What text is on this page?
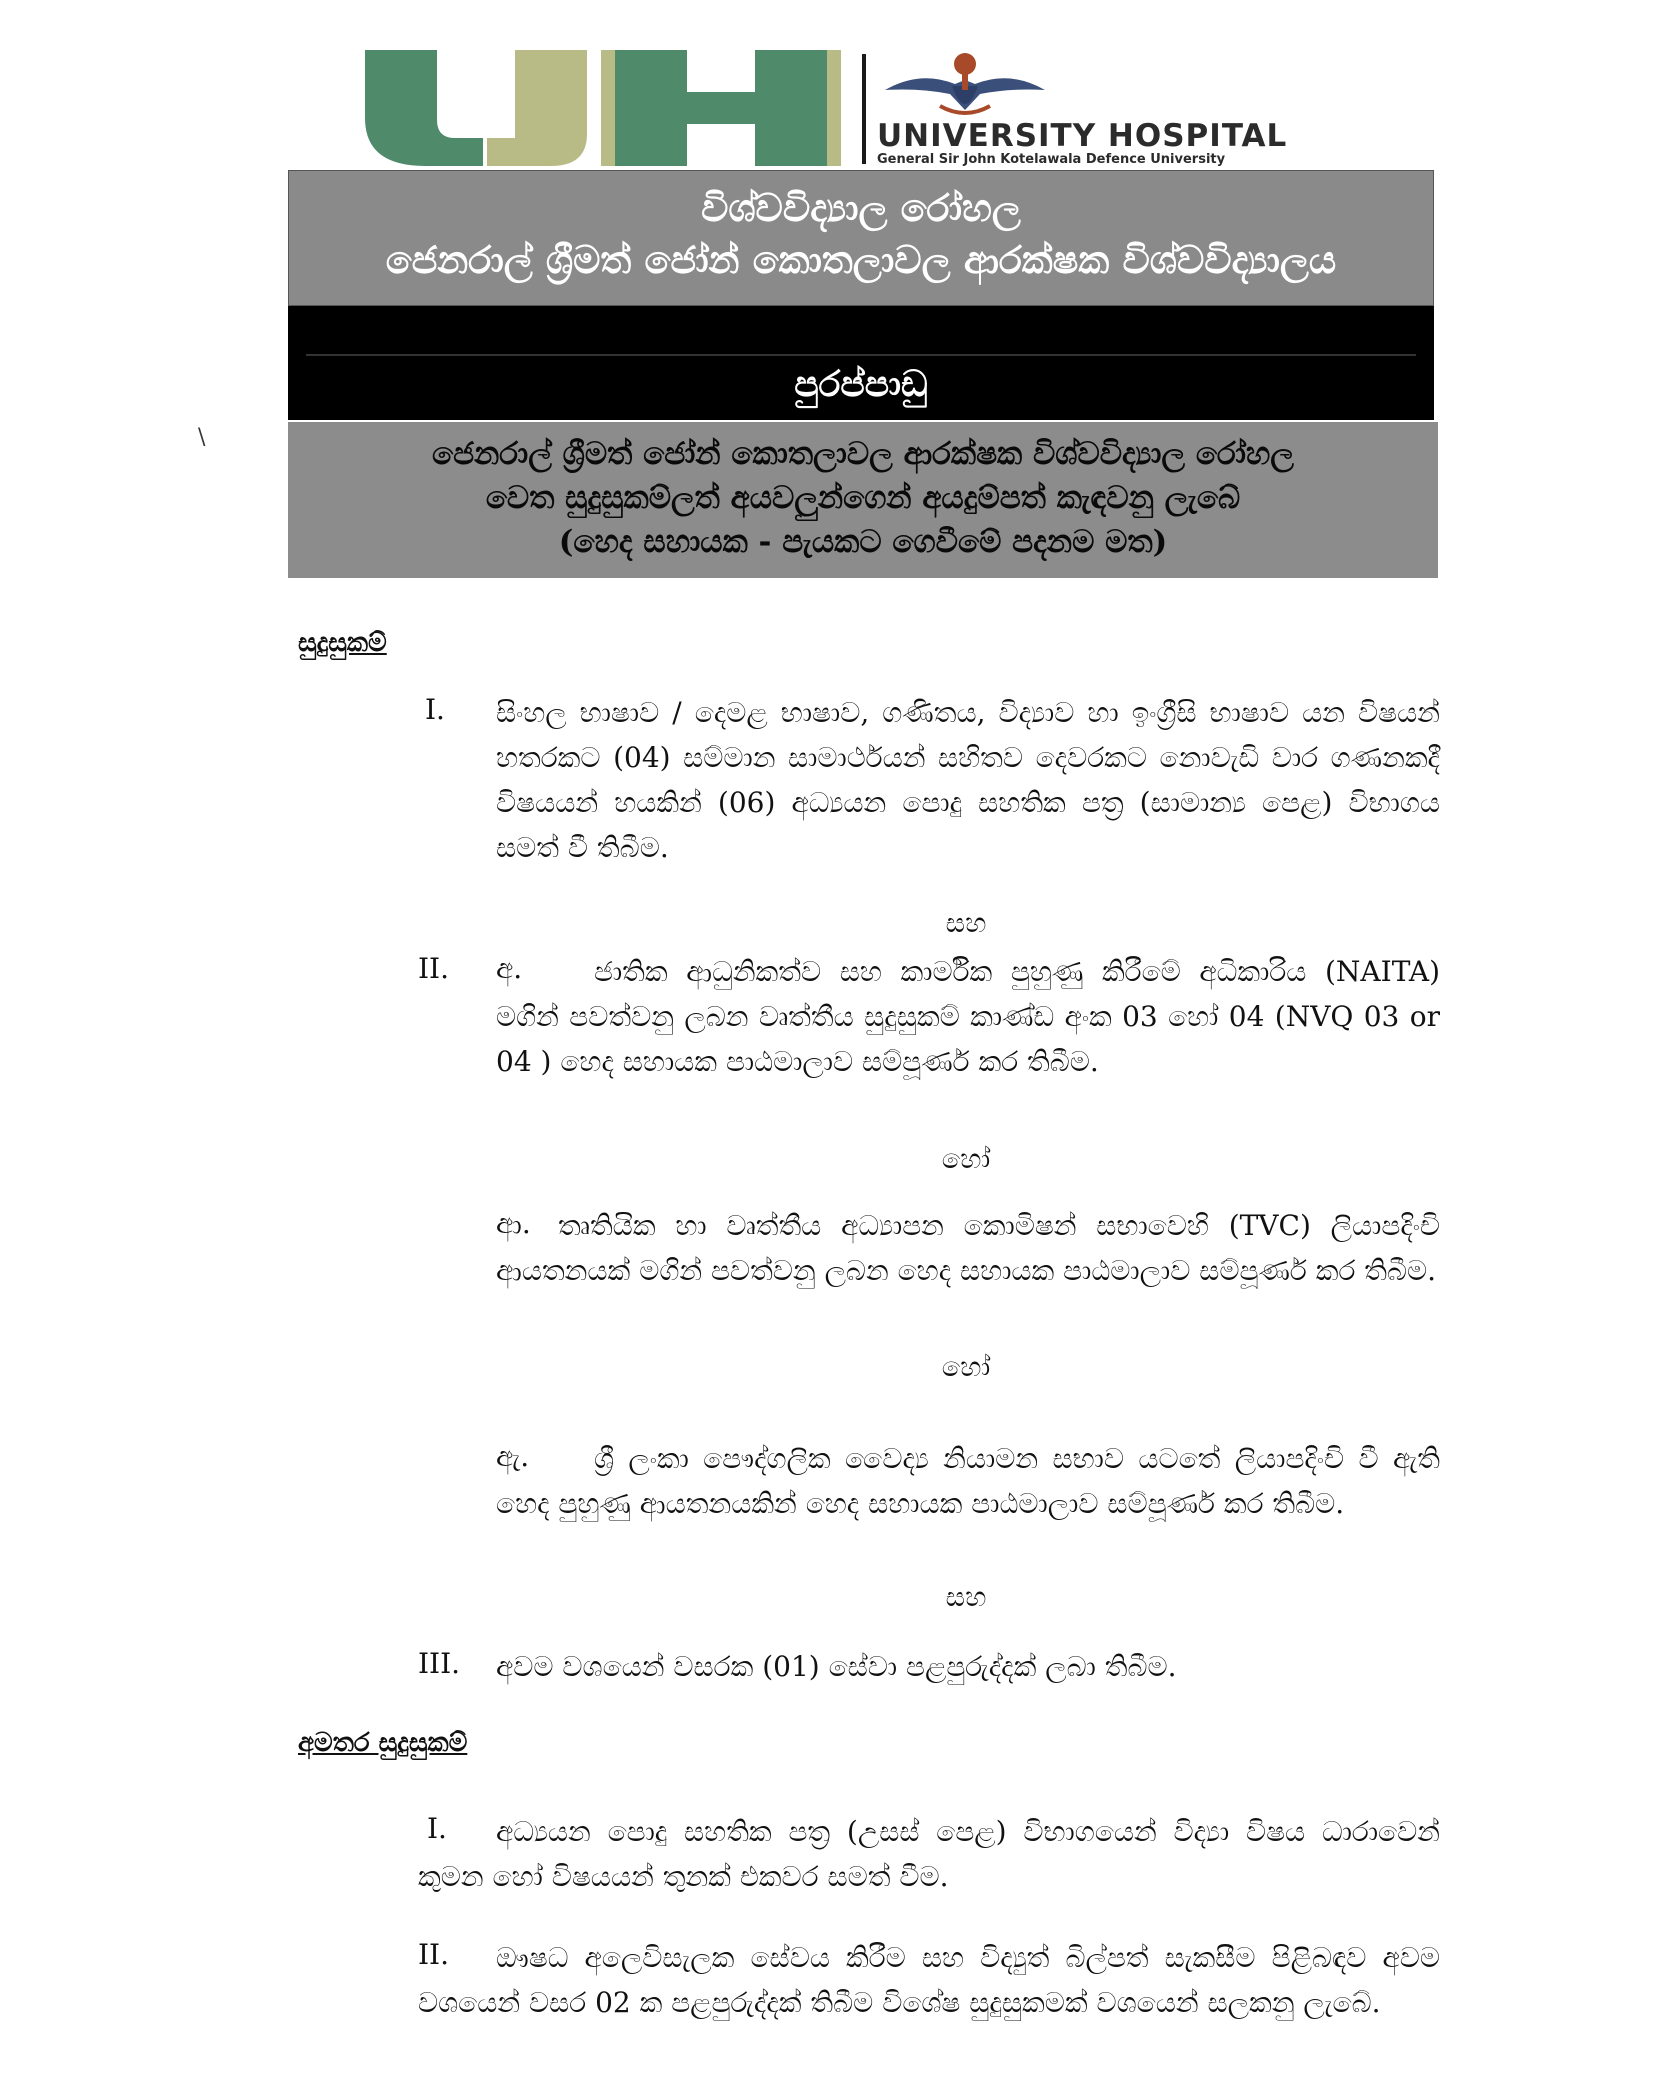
UNIVERSITY HOSPITAL
General Sir John Kotelawala Defence University
විශ්වවිද්‍යාල රෝහල
ජෙනරාල් ශ්‍රීමත් ජෝන් කොතලාවල ආරක්ෂක විශ්වවිද්‍යාලය
පුරප්පාඩු
ජෙනරාල් ශ්‍රීමත් ජෝන් කොතලාවල ආරක්ෂක විශ්වවිද්‍යාල රෝහල
වෙත සුදුසුකම්ලත් අයවලුන්ගෙන් අයදුම්පත් කැඳවනු ලැබේ
(හෙද සහායක - පැයකට ගෙවීමේ පදනම මත)
\
සුදුසුකම්
I. සිංහල භාෂාව / දෙමළ භාෂාව, ගණිතය, විද්‍යාව හා ඉංග්‍රීසි භාෂාව යන විෂයන් හතරකට (04) සම්මාන සාමාර්ථයන් සහිතව දෙවරකට නොවැඩි වාර ගණනකදී විෂයයන් හයකින් (06) අධ්‍යයන පොදු සහතික පත්‍ර (සාමාන්‍ය පෙළ) විභාගය සමත් වී තිබීම.
සහ
II. අ.	ජාතික ආධුනිකත්ව සහ කාර්මික පුහුණු කිරීමේ අධිකාරිය (NAITA) මගින් පවත්වනු ලබන වෘත්තීය සුදුසුකම් කාණ්ඩ අංක 03 හෝ 04 (NVQ 03 or 04 ) හෙද සහායක පාඨමාලාව සම්පූර්ණ කර තිබීම.
හෝ
ආ. තෘතියික හා වෘත්තීය අධ්‍යාපන කොමිෂන් සභාවෙහි (TVC) ලියාපදිංචි ආයතනයක් මගින් පවත්වනු ලබන හෙද සහායක පාඨමාලාව සම්පූර්ණ කර තිබීම.
හෝ
ඇ.	ශ්‍රී ලංකා පෞද්ගලික වෛද්‍ය නියාමන සභාව යටතේ ලියාපදිංචි වී ඇති හෙද පුහුණු ආයතනයකින් හෙද සහායක පාඨමාලාව සම්පූර්ණ කර තිබීම.
සහ
III. අවම වශයෙන් වසරක (01) සේවා පළපුරුද්දක් ලබා තිබීම.
අමතර සුදුසුකම්
I.	අධ්‍යයන පොදු සහතික පත්‍ර (උසස් පෙළ) විභාගයෙන් විද්‍යා විෂය ධාරාවෙන් කුමන හෝ විෂයයන් තුනක් එකවර සමත් වීම.
II.	ඖෂධ අලෙවිසැලක සේවය කිරීම සහ විද්‍යුත් බිල්පත් සැකසීම පිළිබඳව අවම වශයෙන් වසර 02 ක පළපුරුද්දක් තිබීම විශේෂ සුදුසුකමක් වශයෙන් සලකනු ලැබේ.
